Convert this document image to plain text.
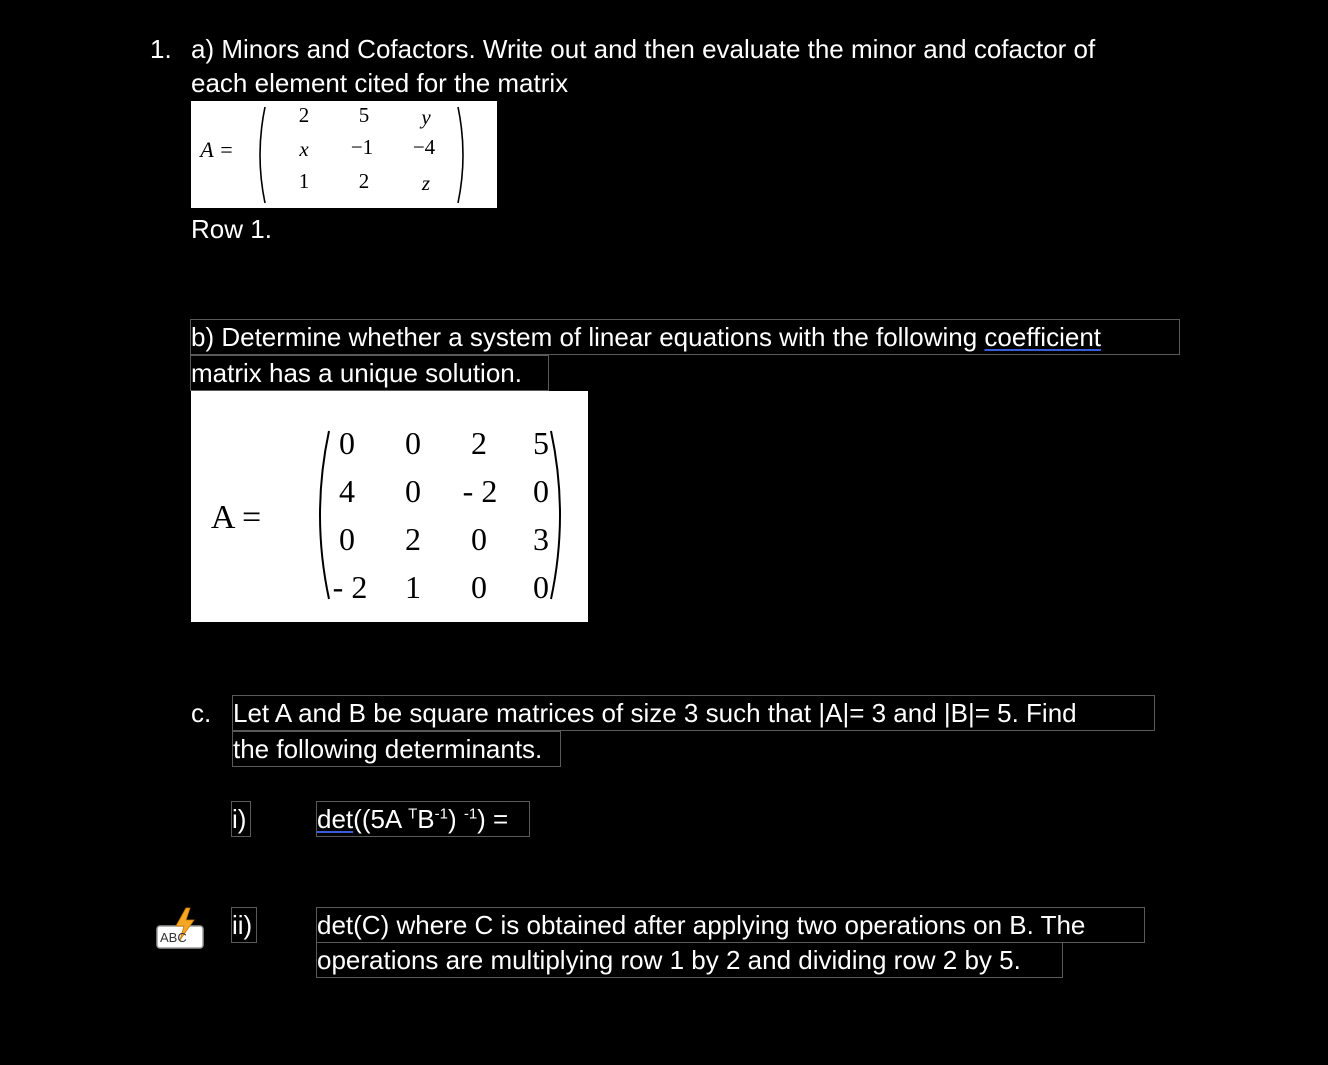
1. a) Minors and Cofactors. Write out and then evaluate the minor and cofactor of
each element cited for the matrix
A =
2	5	y
x	−1	−4
1	2	z
Row 1.
b) Determine whether a system of linear equations with the following coefficient
matrix has a unique solution.
A =
0	0	2	5
4	0	- 2	0
0	2	0	3
- 2	1	0	0
c. Let A and B be square matrices of size 3 such that |A|= 3 and |B|= 5. Find
the following determinants.
i)	det((5A $^TB^{-1}$) $^{-1}$) =
ABC ii) det(C) where C is obtained after applying two operations on B. The
operations are multiplying row 1 by 2 and dividing row 2 by 5.
